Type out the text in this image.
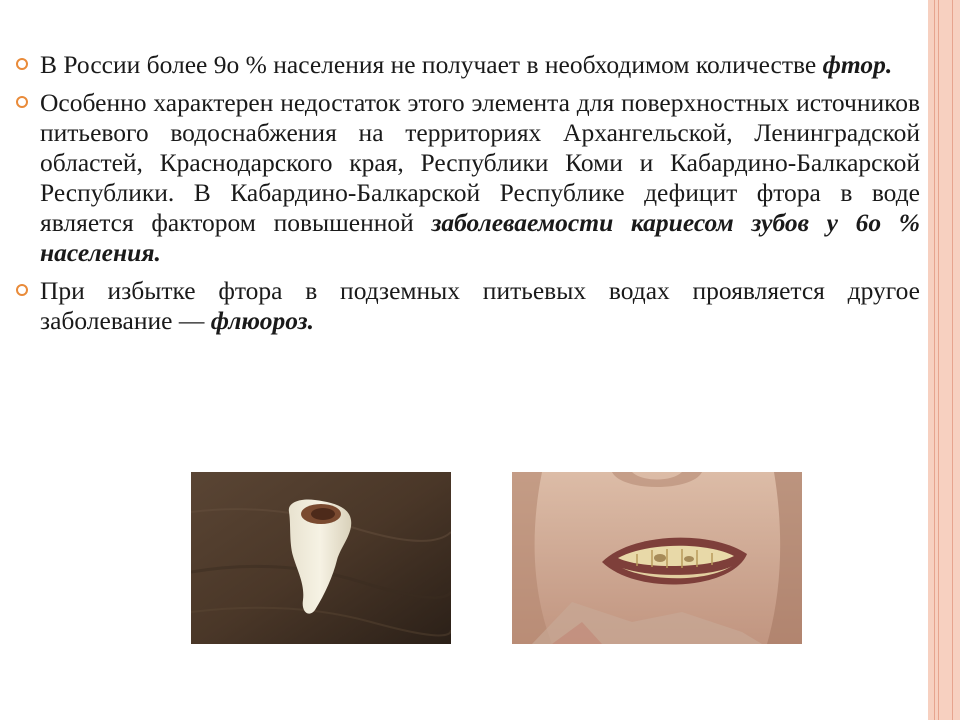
В России более 9о % населения не получает в необходимом количестве фтор.
Особенно характерен недостаток этого элемента для поверхностных источников питьевого водоснабжения на территориях Архангельской, Ленинградской областей, Краснодарского края, Республики Коми и Кабардино-Балкарской Республики. В Кабардино-Балкарской Республике дефицит фтора в воде является фактором повышенной заболеваемости кариесом зубов у 6о % населения.
При избытке фтора в подземных питьевых водах проявляется другое заболевание — флюороз.
